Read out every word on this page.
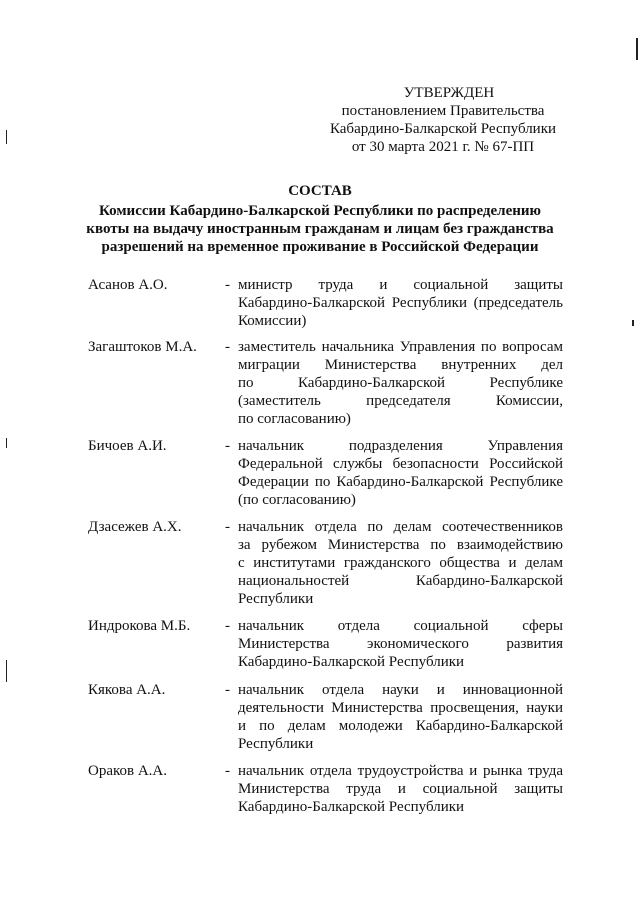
УТВЕРЖДЕН
постановлением Правительства
Кабардино-Балкарской Республики
от 30 марта 2021 г. № 67-ПП
СОСТАВ
Комиссии Кабардино-Балкарской Республики по распределению
квоты на выдачу иностранным гражданам и лицам без гражданства
разрешений на временное проживание в Российской Федерации
Асанов А.О.	- министр труда и социальной защиты
Кабардино-Балкарской Республики (председатель
Комиссии)
Загаштоков М.А. - заместитель начальника Управления по вопросам
миграции Министерства внутренних дел
по Кабардино-Балкарской Республике
(заместитель председателя Комиссии,
по согласованию)
Бичоев А.И.	- начальник подразделения Управления
Федеральной службы безопасности Российской
Федерации по Кабардино-Балкарской Республике
(по согласованию)
Дзасежев А.Х.	- начальник отдела по делам соотечественников
за рубежом Министерства по взаимодействию
с институтами гражданского общества и делам
национальностей Кабардино-Балкарской
Республики
Индрокова М.Б. - начальник отдела социальной сферы
Министерства экономического развития
Кабардино-Балкарской Республики
Кякова А.А.	- начальник отдела науки и инновационной
деятельности Министерства просвещения, науки
и по делам молодежи Кабардино-Балкарской
Республики
Ораков А.А.	- начальник отдела трудоустройства и рынка труда
Министерства труда и социальной защиты
Кабардино-Балкарской Республики
